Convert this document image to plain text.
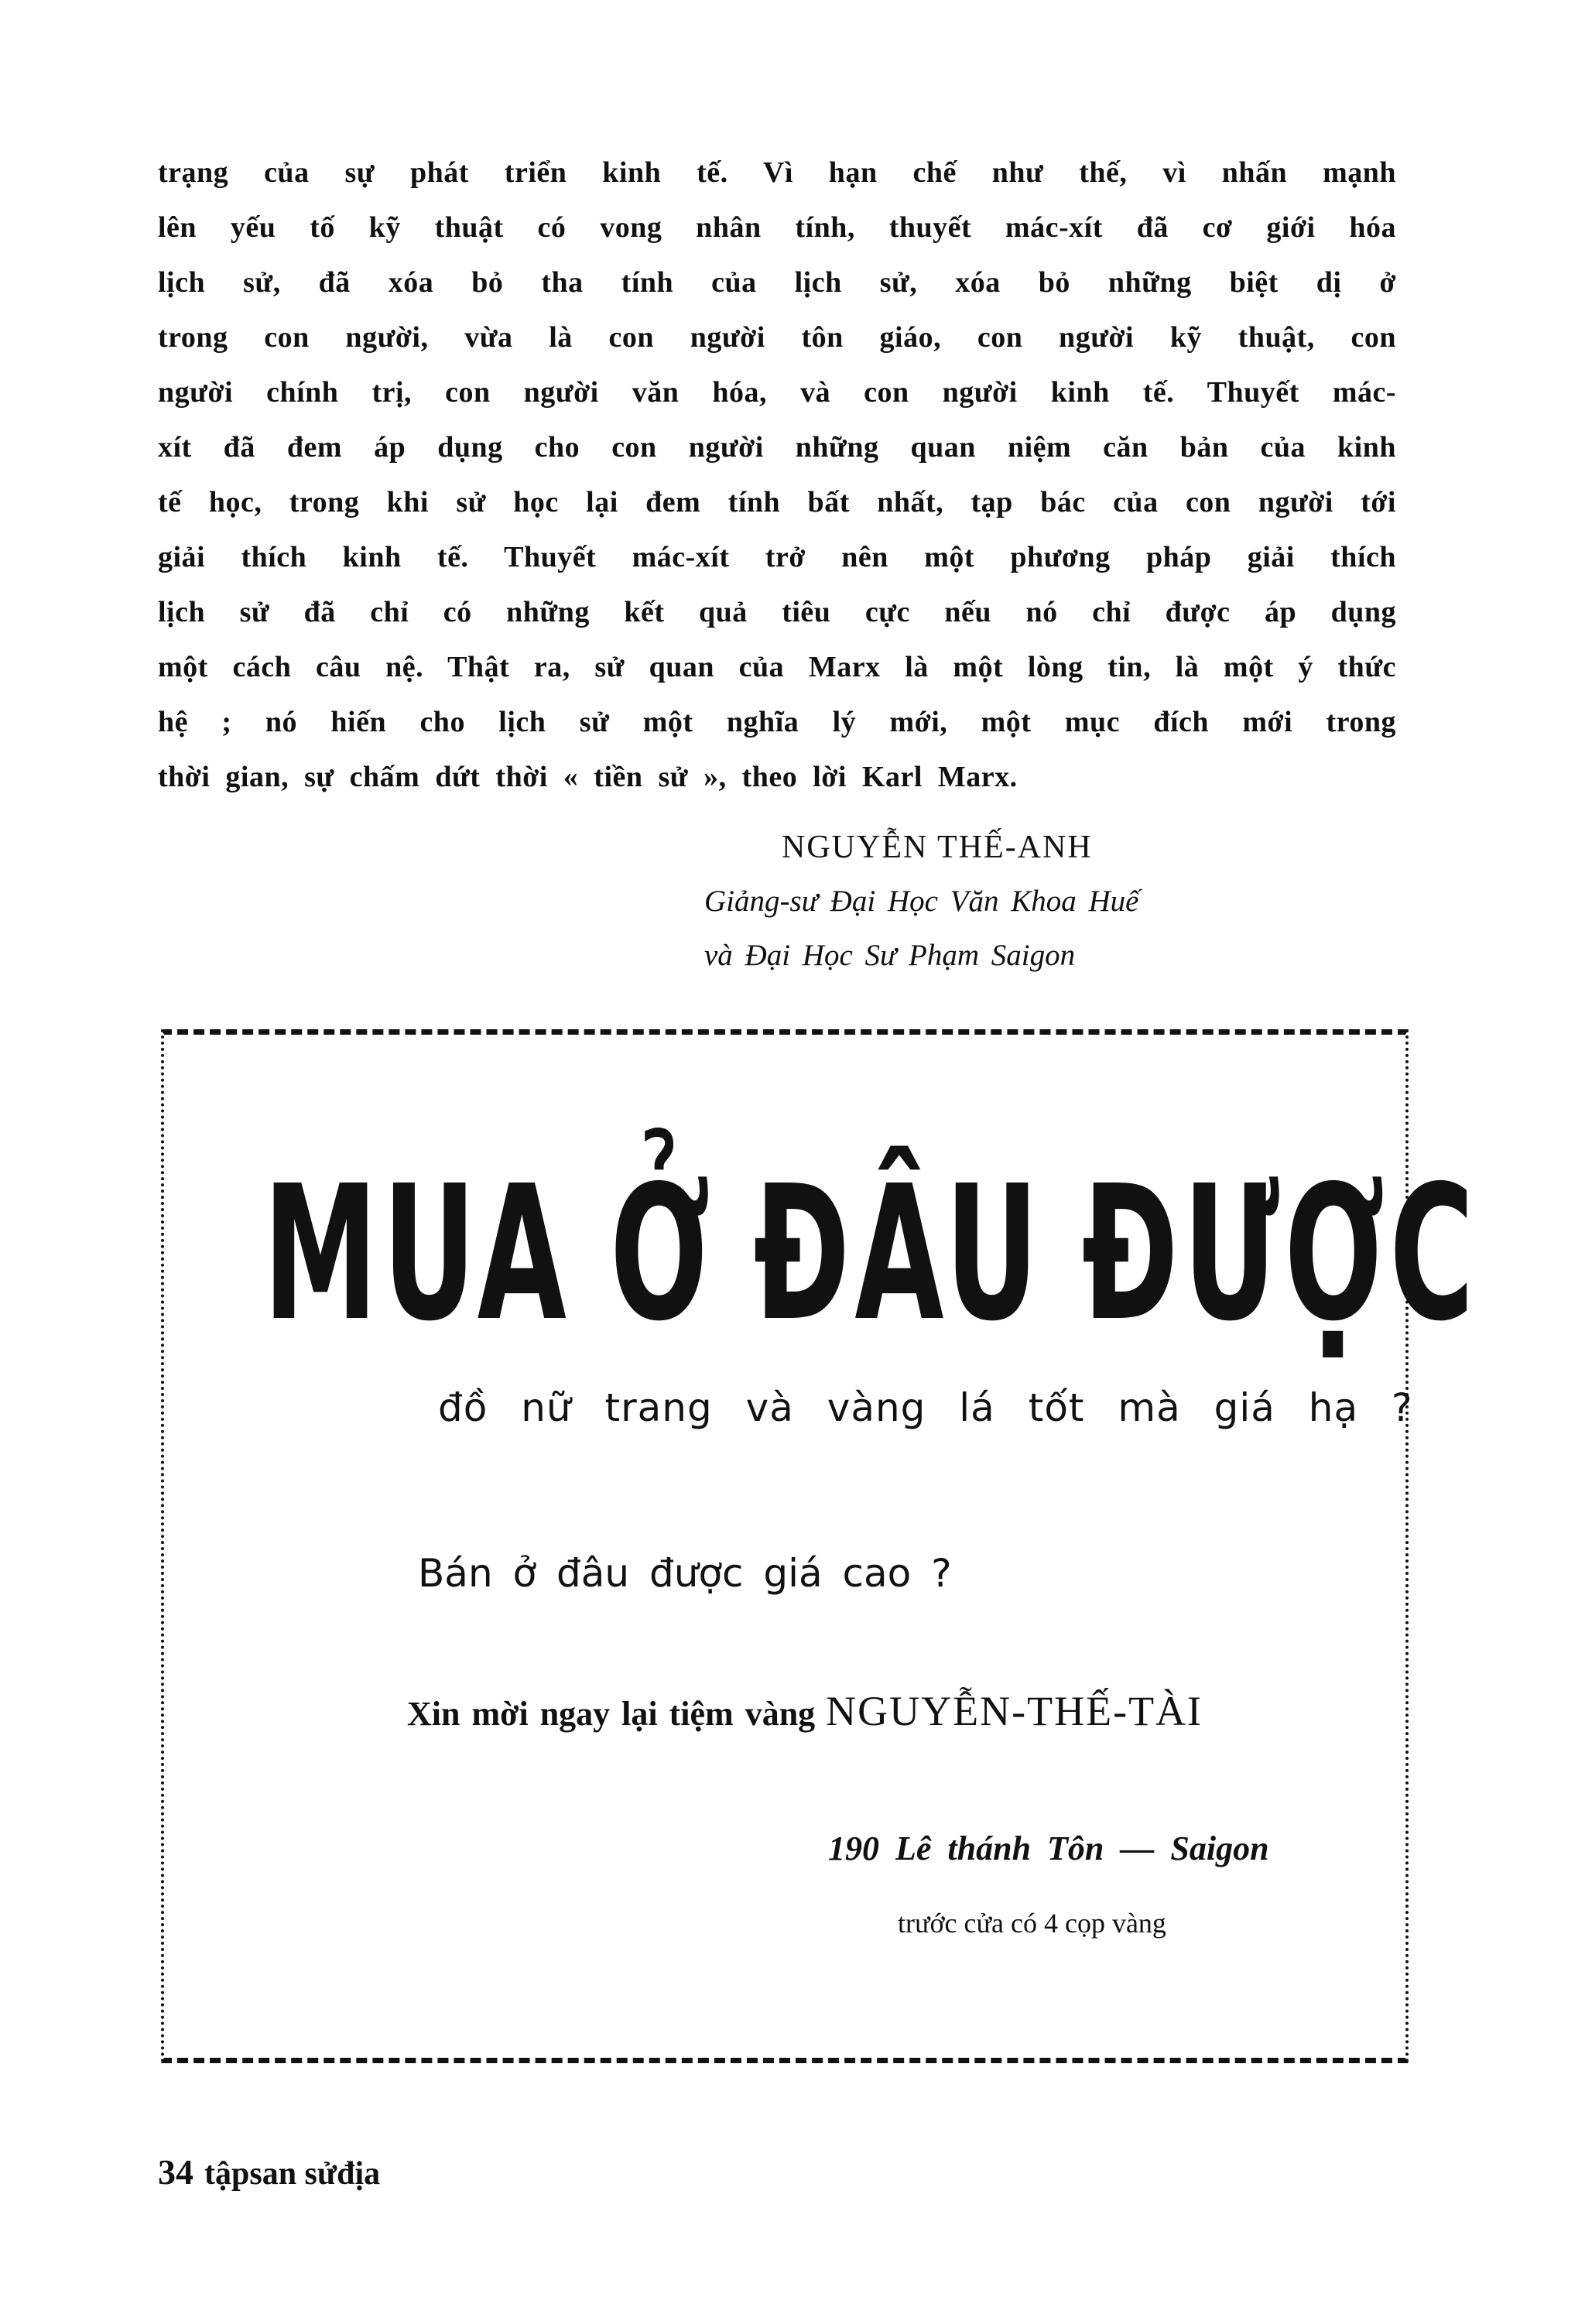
trạng của sự phát triển kinh tế. Vì hạn chế như thế, vì nhấn mạnh
lên yếu tố kỹ thuật có vong nhân tính, thuyết mác-xít đã cơ giới hóa
lịch sử, đã xóa bỏ tha tính của lịch sử, xóa bỏ những biệt dị ở
trong con người, vừa là con người tôn giáo, con người kỹ thuật, con
người chính trị, con người văn hóa, và con người kinh tế. Thuyết mác-
xít đã đem áp dụng cho con người những quan niệm căn bản của kinh
tế học, trong khi sử học lại đem tính bất nhất, tạp bác của con người tới
giải thích kinh tế. Thuyết mác-xít trở nên một phương pháp giải thích
lịch sử đã chỉ có những kết quả tiêu cực nếu nó chỉ được áp dụng
một cách câu nệ. Thật ra, sử quan của Marx là một lòng tin, là một ý thức
hệ ; nó hiến cho lịch sử một nghĩa lý mới, một mục đích mới trong
thời gian, sự chấm dứt thời « tiền sử », theo lời Karl Marx.
NGUYỄN THẾ-ANH
Giảng-sư Đại Học Văn Khoa Huế
và Đại Học Sư Phạm Saigon
MUA Ở ĐÂU ĐƯỢC
đồ nữ trang và vàng lá tốt mà giá hạ ?
Bán ở đâu được giá cao ?
Xin mời ngay lại tiệm vàng NGUYỄN-THẾ-TÀI
190 Lê thánh Tôn — Saigon
trước cửa có 4 cọp vàng
34 tậpsan sửđịa
